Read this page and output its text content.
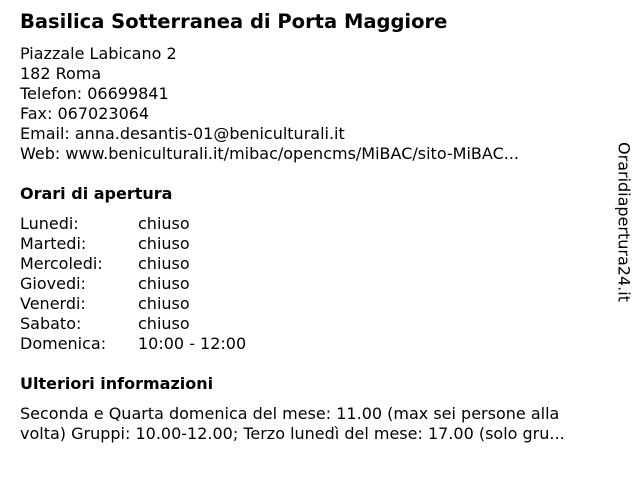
Basilica Sotterranea di Porta Maggiore
Piazzale Labicano 2
182 Roma
Telefon: 06699841
Fax: 067023064
Email: anna.desantis-01@beniculturali.it
Web: www.beniculturali.it/mibac/opencms/MiBAC/sito-MiBAC...
Orari di apertura
Lunedi:	chiuso
Martedi:	chiuso
Mercoledi:	chiuso
Giovedi:	chiuso
Venerdi:	chiuso
Sabato:	chiuso
Domenica:	10:00 - 12:00
Ulteriori informazioni
Seconda e Quarta domenica del mese: 11.00 (max sei persone alla
volta) Gruppi: 10.00-12.00; Terzo lunedì del mese: 17.00 (solo gru...
Oraridiapertura24.it
